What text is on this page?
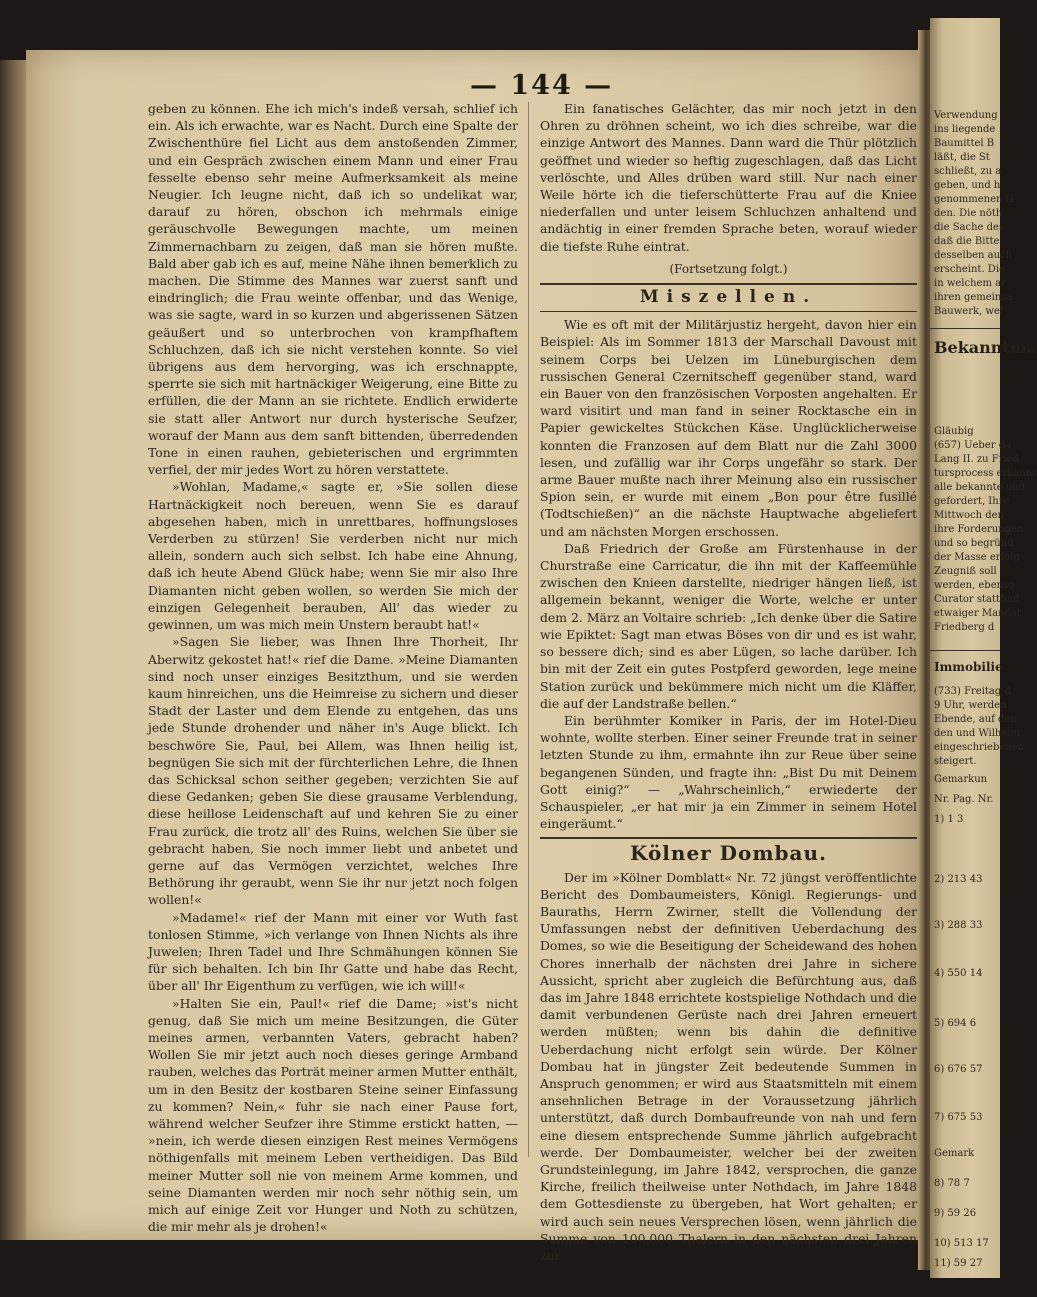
— 144 —

geben zu können. Ehe ich mich's indeß versah, schlief ich ein. Als ich erwachte, war es Nacht. Durch eine Spalte der Zwischenthüre fiel Licht aus dem anstoßenden Zimmer, und ein Gespräch zwischen einem Mann und einer Frau fesselte ebenso sehr meine Aufmerksamkeit als meine Neugier. Ich leugne nicht, daß ich so undelikat war, darauf zu hören, obschon ich mehrmals einige geräuschvolle Bewegungen machte, um meinen Zimmernachbarn zu zeigen, daß man sie hören mußte. Bald aber gab ich es auf, meine Nähe ihnen bemerklich zu machen. Die Stimme des Mannes war zuerst sanft und eindringlich; die Frau weinte offenbar, und das Wenige, was sie sagte, ward in so kurzen und abgerissenen Sätzen geäußert und so unterbrochen von krampfhaftem Schluchzen, daß ich sie nicht verstehen konnte. So viel übrigens aus dem hervorging, was ich erschnappte, sperrte sie sich mit hartnäckiger Weigerung, eine Bitte zu erfüllen, die der Mann an sie richtete. Endlich erwiderte sie statt aller Antwort nur durch hysterische Seufzer, worauf der Mann aus dem sanft bittenden, überredenden Tone in einen rauhen, gebieterischen und ergrimmten verfiel, der mir jedes Wort zu hören verstattete.

»Wohlan, Madame,« sagte er, »Sie sollen diese Hartnäckigkeit noch bereuen, wenn Sie es darauf abgesehen haben, mich in unrettbares, hoffnungsloses Verderben zu stürzen! Sie verderben nicht nur mich allein, sondern auch sich selbst. Ich habe eine Ahnung, daß ich heute Abend Glück habe; wenn Sie mir also Ihre Diamanten nicht geben wollen, so werden Sie mich der einzigen Gelegenheit berauben, All' das wieder zu gewinnen, um was mich mein Unstern beraubt hat!«

»Sagen Sie lieber, was Ihnen Ihre Thorheit, Ihr Aberwitz gekostet hat!« rief die Dame. »Meine Diamanten sind noch unser einziges Besitzthum, und sie werden kaum hinreichen, uns die Heimreise zu sichern und dieser Stadt der Laster und dem Elende zu entgehen, das uns jede Stunde drohender und näher in's Auge blickt. Ich beschwöre Sie, Paul, bei Allem, was Ihnen heilig ist, begnügen Sie sich mit der fürchterlichen Lehre, die Ihnen das Schicksal schon seither gegeben; verzichten Sie auf diese Gedanken; geben Sie diese grausame Verblendung, diese heillose Leidenschaft auf und kehren Sie zu einer Frau zurück, die trotz all' des Ruins, welchen Sie über sie gebracht haben, Sie noch immer liebt und anbetet und gerne auf das Vermögen verzichtet, welches Ihre Bethörung ihr geraubt, wenn Sie ihr nur jetzt noch folgen wollen!«

»Madame!« rief der Mann mit einer vor Wuth fast tonlosen Stimme, »ich verlange von Ihnen Nichts als ihre Juwelen; Ihren Tadel und Ihre Schmähungen können Sie für sich behalten. Ich bin Ihr Gatte und habe das Recht, über all' Ihr Eigenthum zu verfügen, wie ich will!«

»Halten Sie ein, Paul!« rief die Dame; »ist's nicht genug, daß Sie mich um meine Besitzungen, die Güter meines armen, verbannten Vaters, gebracht haben? Wollen Sie mir jetzt auch noch dieses geringe Armband rauben, welches das Porträt meiner armen Mutter enthält, um in den Besitz der kostbaren Steine seiner Einfassung zu kommen? Nein,« fuhr sie nach einer Pause fort, während welcher Seufzer ihre Stimme erstickt hatten, — »nein, ich werde diesen einzigen Rest meines Vermögens nöthigenfalls mit meinem Leben vertheidigen. Das Bild meiner Mutter soll nie von meinem Arme kommen, und seine Diamanten werden mir noch sehr nöthig sein, um mich auf einige Zeit vor Hunger und Noth zu schützen, die mir mehr als je drohen!«

Ein fanatisches Gelächter, das mir noch jetzt in den Ohren zu dröhnen scheint, wo ich dies schreibe, war die einzige Antwort des Mannes. Dann ward die Thür plötzlich geöffnet und wieder so heftig zugeschlagen, daß das Licht verlöschte, und Alles drüben ward still. Nur nach einer Weile hörte ich die tieferschütterte Frau auf die Kniee niederfallen und unter leisem Schluchzen anhaltend und andächtig in einer fremden Sprache beten, worauf wieder die tiefste Ruhe eintrat.

(Fortsetzung folgt.)
Miszellen.

Wie es oft mit der Militärjustiz hergeht, davon hier ein Beispiel: Als im Sommer 1813 der Marschall Davoust mit seinem Corps bei Uelzen im Lüneburgischen dem russischen General Czernitscheff gegenüber stand, ward ein Bauer von den französischen Vorposten angehalten. Er ward visitirt und man fand in seiner Rocktasche ein in Papier gewickeltes Stückchen Käse. Unglücklicherweise konnten die Franzosen auf dem Blatt nur die Zahl 3000 lesen, und zufällig war ihr Corps ungefähr so stark. Der arme Bauer mußte nach ihrer Meinung also ein russischer Spion sein, er wurde mit einem „Bon pour être fusillé (Todtschießen)“ an die nächste Hauptwache abgeliefert und am nächsten Morgen erschossen.

Daß Friedrich der Große am Fürstenhause in der Churstraße eine Carricatur, die ihn mit der Kaffeemühle zwischen den Knieen darstellte, niedriger hängen ließ, ist allgemein bekannt, weniger die Worte, welche er unter dem 2. März an Voltaire schrieb: „Ich denke über die Satire wie Epiktet: Sagt man etwas Böses von dir und es ist wahr, so bessere dich; sind es aber Lügen, so lache darüber. Ich bin mit der Zeit ein gutes Postpferd geworden, lege meine Station zurück und bekümmere mich nicht um die Kläffer, die auf der Landstraße bellen.“

Ein berühmter Komiker in Paris, der im Hotel-Dieu wohnte, wollte sterben. Einer seiner Freunde trat in seiner letzten Stunde zu ihm, ermahnte ihn zur Reue über seine begangenen Sünden, und fragte ihn: „Bist Du mit Deinem Gott einig?“ — „Wahrscheinlich,“ erwiederte der Schauspieler, „er hat mir ja ein Zimmer in seinem Hotel eingeräumt.“

Kölner Dombau.

Der im »Kölner Domblatt« Nr. 72 jüngst veröffentlichte Bericht des Dombaumeisters, Königl. Regierungs- und Bauraths, Herrn Zwirner, stellt die Vollendung der Umfassungen nebst der definitiven Ueberdachung des Domes, so wie die Beseitigung der Scheidewand des hohen Chores innerhalb der nächsten drei Jahre in sichere Aussicht, spricht aber zugleich die Befürchtung aus, daß das im Jahre 1848 errichtete kostspielige Nothdach und die damit verbundenen Gerüste nach drei Jahren erneuert werden müßten; wenn bis dahin die definitive Ueberdachung nicht erfolgt sein würde. Der Kölner Dombau hat in jüngster Zeit bedeutende Summen in Anspruch genommen; er wird aus Staatsmitteln mit einem ansehnlichen Betrage in der Voraussetzung jährlich unterstützt, daß durch Dombaufreunde von nah und fern eine diesem entsprechende Summe jährlich aufgebracht werde. Der Dombaumeister, welcher bei der zweiten Grundsteinlegung, im Jahre 1842, versprochen, die ganze Kirche, freilich theilweise unter Nothdach, im Jahre 1848 dem Gottesdienste zu übergeben, hat Wort gehalten; er wird auch sein neues Versprechen lösen, wenn jährlich die Summe von 100,000 Thalern in den nächsten drei Jahren zur

Verwendung
ins liegende
Baumittel B
läßt, die St
schließt, zu a
geben, und h
genommenen G
den. Die nöth
die Sache des
daß die Bitte
desselben auch
erscheint. Die
in welchem ar
ihren gemeinsa
Bauwerk, wel
Bekanntma
Gläubig
(657) Ueber da
Lang II. zu Fried
tursprocess erkannt
alle bekannte und
gefordert, Ihre
Mittwoch den
ihre Forderungen
und so begründ
der Masse erfolg
Zeugniß soll
werden, ebenso
Curator stattfind
etwaiger Mandat
Friedberg d
Immobilie
(733) Freitag d
9 Uhr, werden
Ebende, auf den
den und Wilhelm
eingeschriebenen
steigert.
Gemarkun
Nr. Pag. Nr.
1) 1 3
2) 213 43
3) 288 33
4) 550 14
5) 694 6
6) 676 57
7) 675 53
Gemark
8) 78 7
9) 59 26
10) 513 17
11) 59 27
